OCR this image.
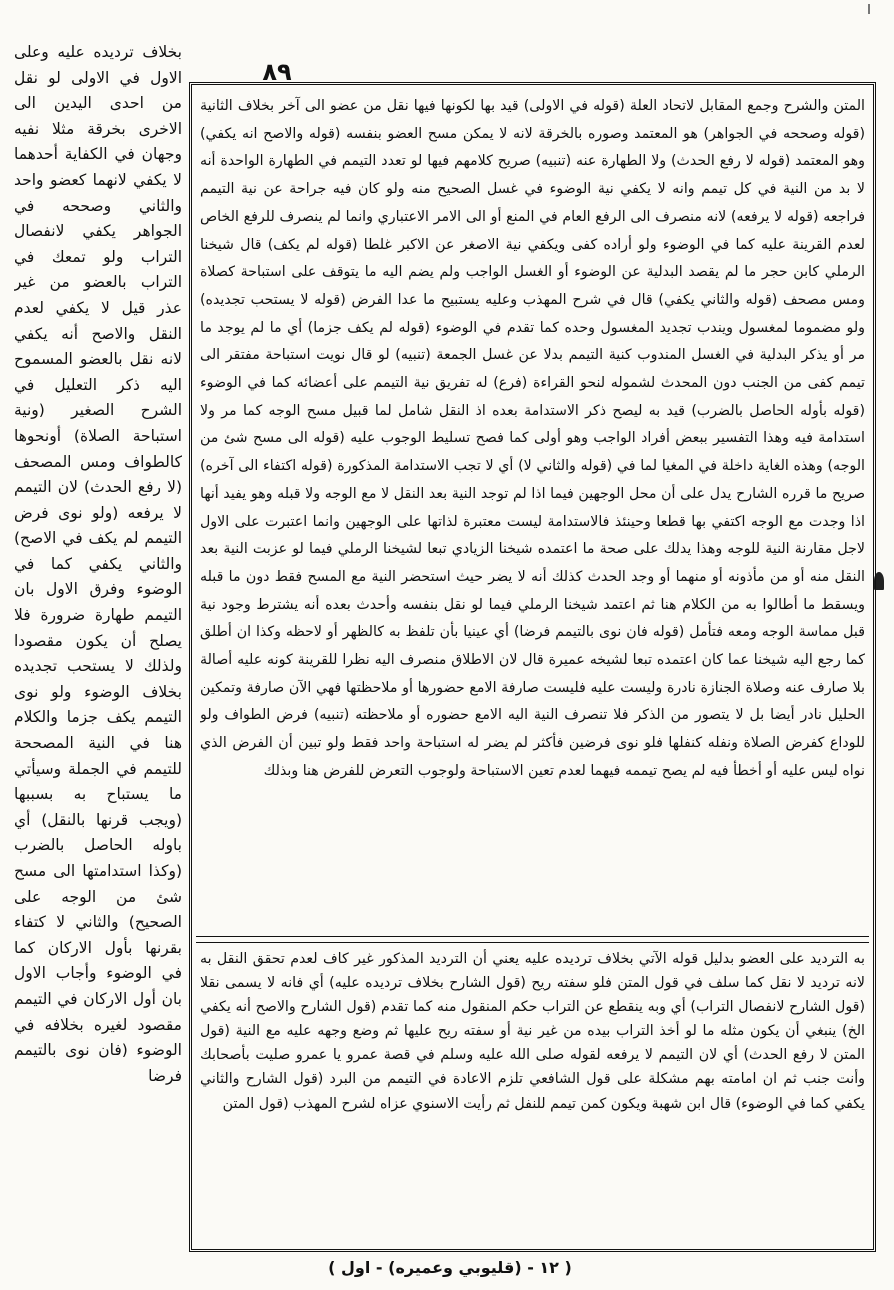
٨٩

بخلاف ترديده عليه وعلى الاول في الاولى لو نقل من احدى اليدين الى الاخرى بخرقة مثلا نفيه وجهان في الكفاية أحدهما لا يكفي لانهما كعضو واحد والثاني وصححه في الجواهر يكفي لانفصال التراب ولو تمعك في التراب بالعضو من غير عذر قيل لا يكفي لعدم النقل والاصح أنه يكفي لانه نقل بالعضو المسموح اليه ذكر التعليل في الشرح الصغير (ونية استباحة الصلاة) أونحوها كالطواف ومس المصحف (لا رفع الحدث) لان التيمم لا يرفعه (ولو نوى فرض التيمم لم يكف في الاصح) والثاني يكفي كما في الوضوء وفرق الاول بان التيمم طهارة ضرورة فلا يصلح أن يكون مقصودا ولذلك لا يستحب تجديده بخلاف الوضوء ولو نوى التيمم يكف جزما والكلام هنا في النية المصححة للتيمم في الجملة وسيأتي ما يستباح به بسببها (ويجب قرنها بالنقل) أي باوله الحاصل بالضرب (وكذا استدامتها الى مسح شئ من الوجه على الصحيح) والثاني لا كتفاء بقرنها بأول الاركان كما في الوضوء وأجاب الاول بان أول الاركان في التيمم مقصود لغيره بخلافه في الوضوء (فان نوى بالتيمم فرضا

المتن والشرح وجمع المقابل لاتحاد العلة (قوله في الاولى) قيد بها لكونها فيها نقل من عضو الى آخر بخلاف الثانية (قوله وصححه في الجواهر) هو المعتمد وصوره بالخرقة لانه لا يمكن مسح العضو بنفسه (قوله والاصح انه يكفي) وهو المعتمد (قوله لا رفع الحدث) ولا الطهارة عنه (تنبيه) صريح كلامهم فيها لو تعدد التيمم في الطهارة الواحدة أنه لا بد من النية في كل تيمم وانه لا يكفي نية الوضوء في غسل الصحيح منه ولو كان فيه جراحة عن نية التيمم فراجعه (قوله لا يرفعه) لانه منصرف الى الرفع العام في المنع أو الى الامر الاعتباري وانما لم ينصرف للرفع الخاص لعدم القرينة عليه كما في الوضوء ولو أراده كفى ويكفي نية الاصغر عن الاكبر غلطا (قوله لم يكف) قال شيخنا الرملي كابن حجر ما لم يقصد البدلية عن الوضوء أو الغسل الواجب ولم يضم اليه ما يتوقف على استباحة كصلاة ومس مصحف (قوله والثاني يكفي) قال في شرح المهذب وعليه يستبيح ما عدا الفرض (قوله لا يستحب تجديده) ولو مضموما لمغسول ويندب تجديد المغسول وحده كما تقدم في الوضوء (قوله لم يكف جزما) أي ما لم يوجد ما مر أو يذكر البدلية في الغسل المندوب كنية التيمم بدلا عن غسل الجمعة (تنبيه) لو قال نويت استباحة مفتقر الى تيمم كفى من الجنب دون المحدث لشموله لنحو القراءة (فرع) له تفريق نية التيمم على أعضائه كما في الوضوء (قوله بأوله الحاصل بالضرب) قيد به ليصح ذكر الاستدامة بعده اذ النقل شامل لما قبيل مسح الوجه كما مر ولا استدامة فيه وهذا التفسير ببعض أفراد الواجب وهو أولى كما فصح تسليط الوجوب عليه (قوله الى مسح شئ من الوجه) وهذه الغاية داخلة في المغيا لما في (قوله والثاني لا) أي لا تجب الاستدامة المذكورة (قوله اكتفاء الى آخره) صريح ما قرره الشارح يدل على أن محل الوجهين فيما اذا لم توجد النية بعد النقل لا مع الوجه ولا قبله وهو يفيد أنها اذا وجدت مع الوجه اكتفي بها قطعا وحينئذ فالاستدامة ليست معتبرة لذاتها على الوجهين وانما اعتبرت على الاول لاجل مقارنة النية للوجه وهذا يدلك على صحة ما اعتمده شيخنا الزيادي تبعا لشيخنا الرملي فيما لو عزبت النية بعد النقل منه أو من مأذونه أو منهما أو وجد الحدث كذلك أنه لا يضر حيث استحضر النية مع المسح فقط دون ما قبله ويسقط ما أطالوا به من الكلام هنا ثم اعتمد شيخنا الرملي فيما لو نقل بنفسه وأحدث بعده أنه يشترط وجود نية قبل مماسة الوجه ومعه فتأمل (قوله فان نوى بالتيمم فرضا) أي عينيا بأن تلفظ به كالظهر أو لاحظه وكذا ان أطلق كما رجع اليه شيخنا عما كان اعتمده تبعا لشيخه عميرة قال لان الاطلاق منصرف اليه نظرا للقرينة كونه عليه أصالة بلا صارف عنه وصلاة الجنازة نادرة وليست عليه فليست صارفة الامع حضورها أو ملاحظتها فهي الآن صارفة وتمكين الحليل نادر أيضا بل لا يتصور من الذكر فلا تنصرف النية اليه الامع حضوره أو ملاحظته (تنبيه) فرض الطواف ولو للوداع كفرض الصلاة ونفله كنفلها فلو نوى فرضين فأكثر لم يضر له استباحة واحد فقط ولو تبين أن الفرض الذي نواه ليس عليه أو أخطأ فيه لم يصح تيممه فيهما لعدم تعين الاستباحة ولوجوب التعرض للفرض هنا وبذلك

به الترديد على العضو بدليل قوله الآتي بخلاف ترديده عليه يعني أن الترديد المذكور غير كاف لعدم تحقق النقل به لانه ترديد لا نقل كما سلف في قول المتن فلو سفته ريح (قول الشارح بخلاف ترديده عليه) أي فانه لا يسمى نقلا (قول الشارح لانفصال التراب) أي وبه ينقطع عن التراب حكم المنقول منه كما تقدم (قول الشارح والاصح أنه يكفي الخ) ينبغي أن يكون مثله ما لو أخذ التراب بيده من غير نية أو سفته ريح عليها ثم وضع وجهه عليه مع النية (قول المتن لا رفع الحدث) أي لان التيمم لا يرفعه لقوله صلى الله عليه وسلم في قصة عمرو يا عمرو صليت بأصحابك وأنت جنب ثم ان امامته بهم مشكلة على قول الشافعي تلزم الاعادة في التيمم من البرد (قول الشارح والثاني يكفي كما في الوضوء) قال ابن شهبة ويكون كمن تيمم للنفل ثم رأيت الاسنوي عزاه لشرح المهذب (قول المتن

( ١٢ - (قليوبي وعميره) - اول )
